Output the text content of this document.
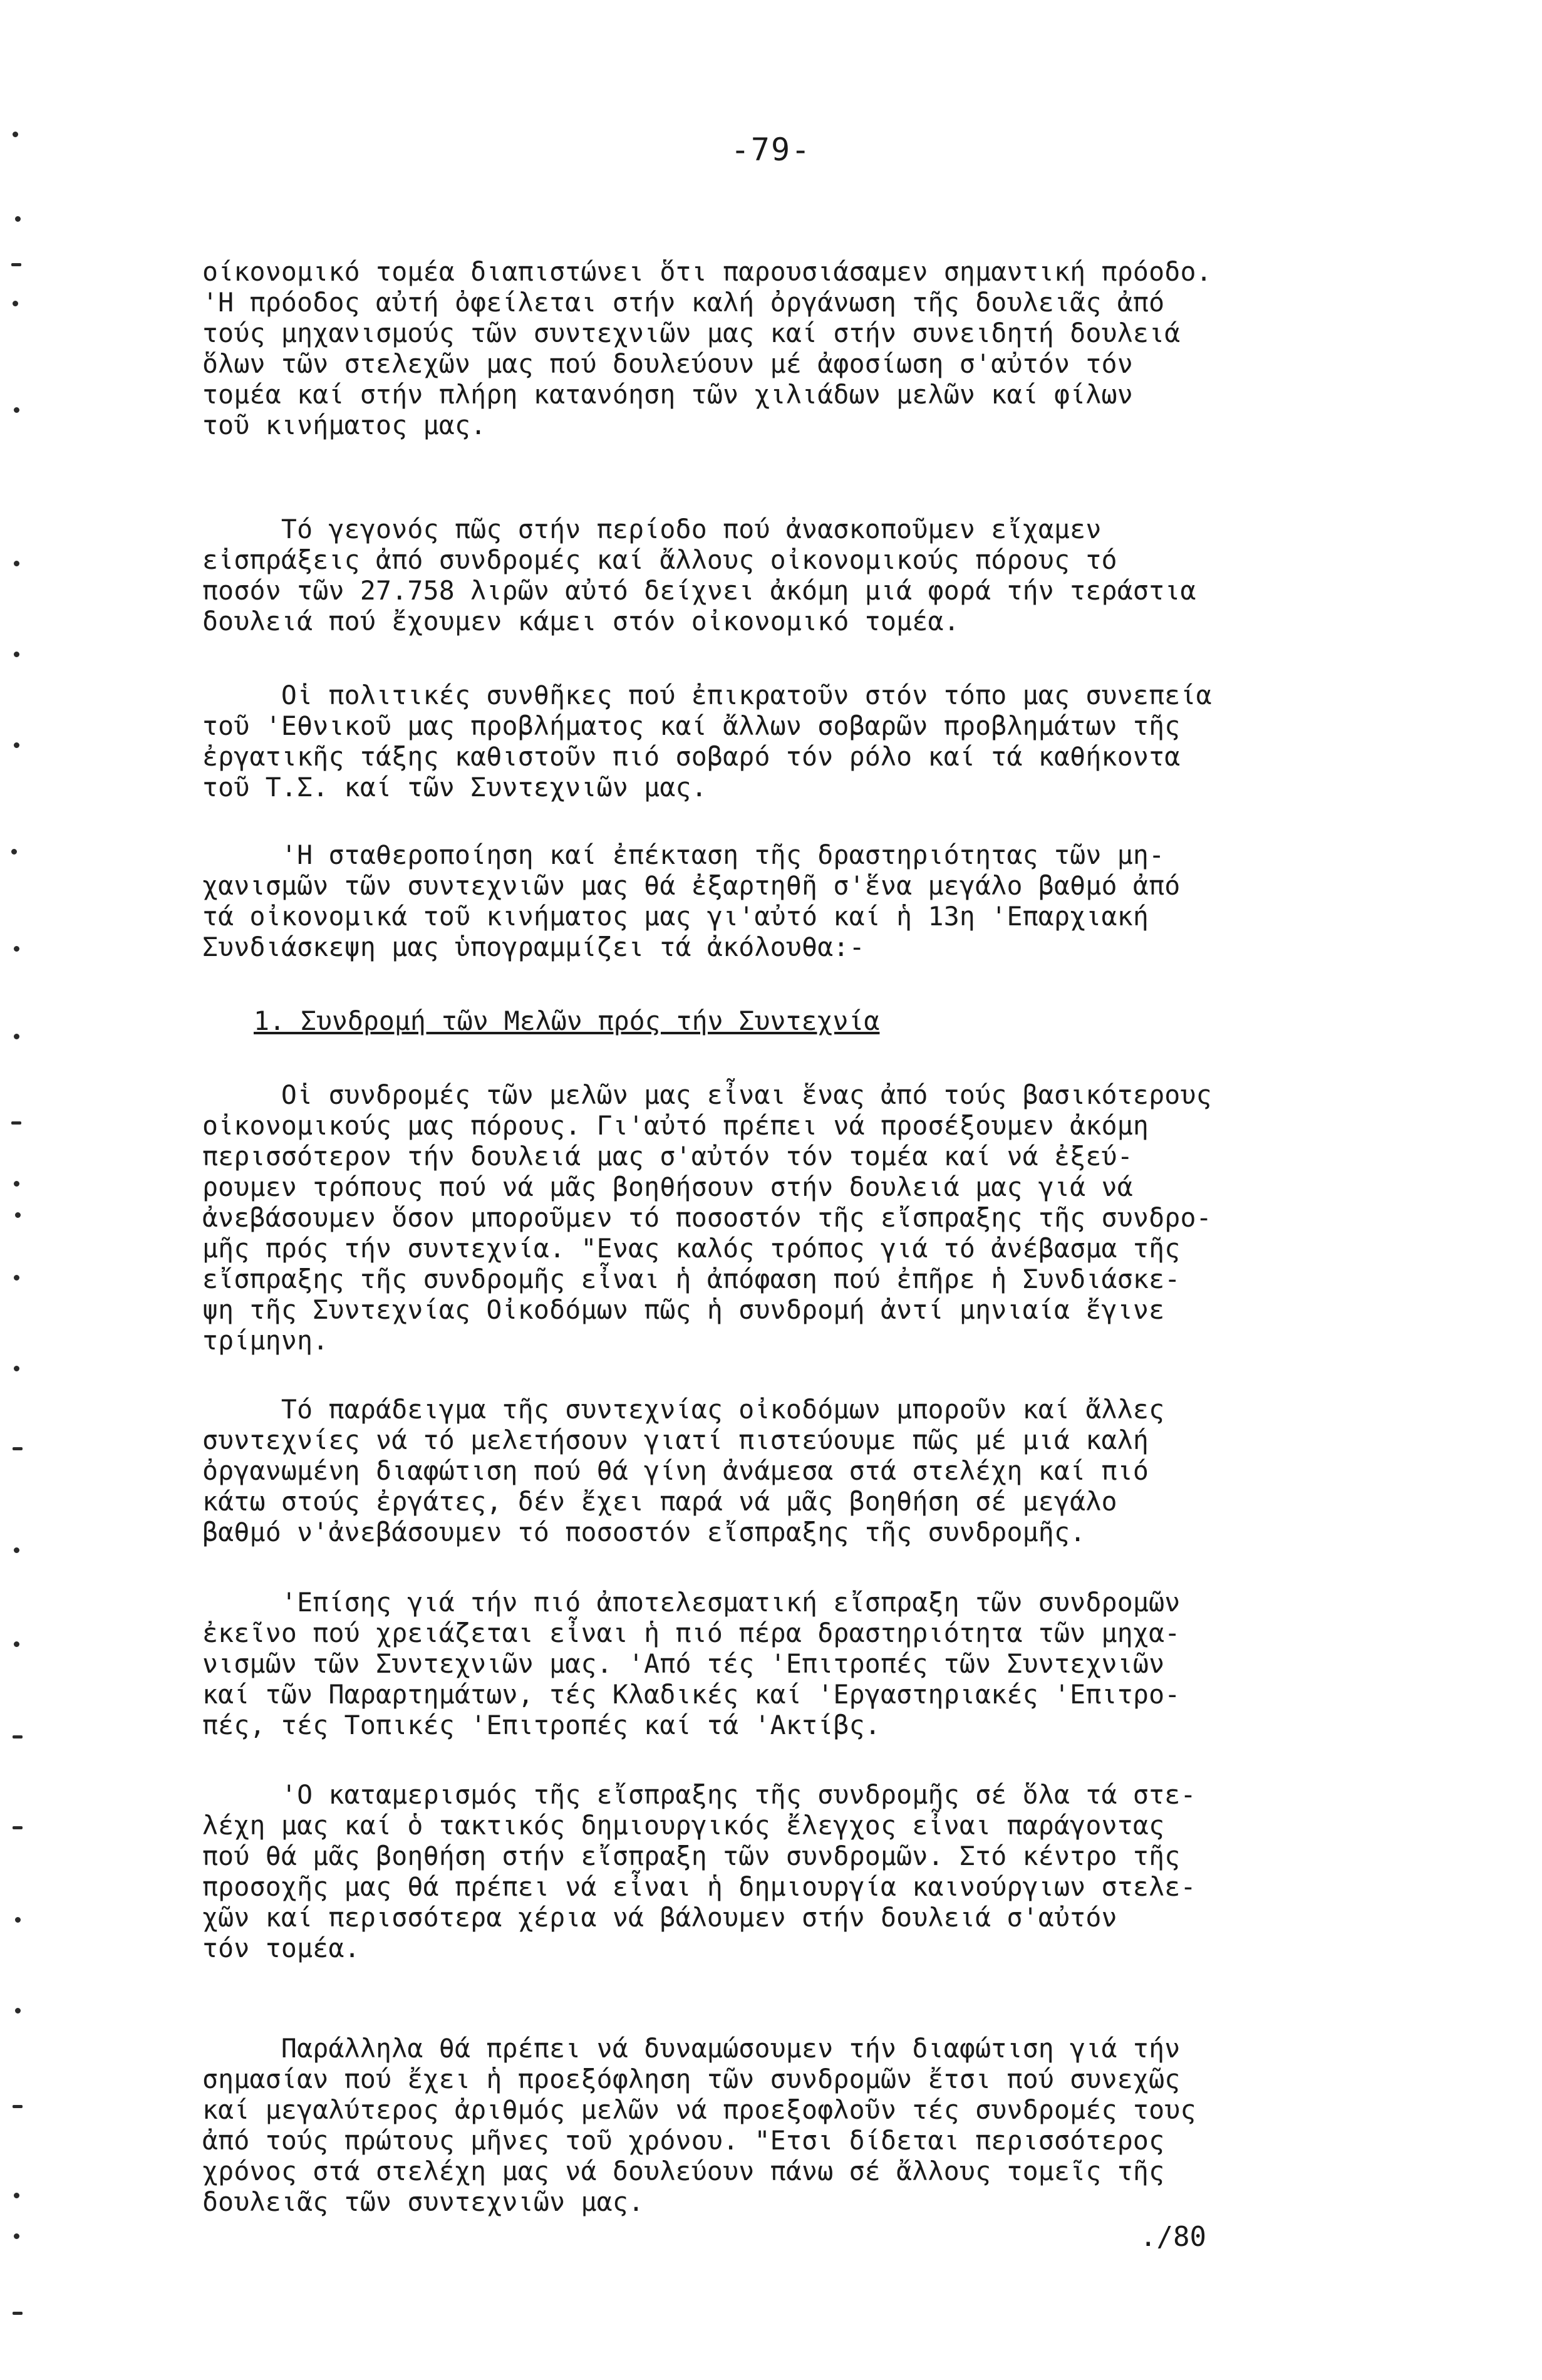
-79-
οίκονομικό τομέα διαπιστώνει ὅτι παρουσιάσαμεν σημαντική πρόοδο.
'Η πρόοδος αὐτή ὀφείλεται στήν καλή ὀργάνωση τῆς δουλειᾶς ἀπό
τούς μηχανισμούς τῶν συντεχνιῶν μας καί στήν συνειδητή δουλειά
ὅλων τῶν στελεχῶν μας πού δουλεύουν μέ ἀφοσίωση σ'αὐτόν τόν
τομέα καί στήν πλήρη κατανόηση τῶν χιλιάδων μελῶν καί φίλων
τοῦ κινήματος μας.
Τό γεγονός πῶς στήν περίοδο πού ἀνασκοποῦμεν εἴχαμεν
εἰσπράξεις ἀπό συνδρομές καί ἄλλους οἰκονομικούς πόρους τό
ποσόν τῶν 27.758 λιρῶν αὐτό δείχνει ἀκόμη μιά φορά τήν τεράστια
δουλειά πού ἔχουμεν κάμει στόν οἰκονομικό τομέα.
Οἱ πολιτικές συνθῆκες πού ἐπικρατοῦν στόν τόπο μας συνεπεία
τοῦ 'Εθνικοῦ μας προβλήματος καί ἄλλων σοβαρῶν προβλημάτων τῆς
ἐργατικῆς τάξης καθιστοῦν πιό σοβαρό τόν ρόλο καί τά καθήκοντα
τοῦ Τ.Σ. καί τῶν Συντεχνιῶν μας.
'Η σταθεροποίηση καί ἐπέκταση τῆς δραστηριότητας τῶν μη-
χανισμῶν τῶν συντεχνιῶν μας θά ἐξαρτηθῆ σ'ἕνα μεγάλο βαθμό ἀπό
τά οἰκονομικά τοῦ κινήματος μας γι'αὐτό καί ἡ 13η 'Επαρχιακή
Συνδιάσκεψη μας ὑπογραμμίζει τά ἀκόλουθα:-
1. Συνδρομή τῶν Μελῶν πρός τήν Συντεχνία
Οἱ συνδρομές τῶν μελῶν μας εἶναι ἕνας ἀπό τούς βασικότερους
οἰκονομικούς μας πόρους. Γι'αὐτό πρέπει νά προσέξουμεν ἀκόμη
περισσότερον τήν δουλειά μας σ'αὐτόν τόν τομέα καί νά ἐξεύ-
ρουμεν τρόπους πού νά μᾶς βοηθήσουν στήν δουλειά μας γιά νά
ἀνεβάσουμεν ὅσον μποροῦμεν τό ποσοστόν τῆς εἴσπραξης τῆς συνδρο-
μῆς πρός τήν συντεχνία. "Ενας καλός τρόπος γιά τό ἀνέβασμα τῆς
εἴσπραξης τῆς συνδρομῆς εἶναι ἡ ἀπόφαση πού ἐπῆρε ἡ Συνδιάσκε-
ψη τῆς Συντεχνίας Οἰκοδόμων πῶς ἡ συνδρομή ἀντί μηνιαία ἔγινε
τρίμηνη.
Τό παράδειγμα τῆς συντεχνίας οἰκοδόμων μποροῦν καί ἄλλες
συντεχνίες νά τό μελετήσουν γιατί πιστεύουμε πῶς μέ μιά καλή
ὀργανωμένη διαφώτιση πού θά γίνη ἀνάμεσα στά στελέχη καί πιό
κάτω στούς ἐργάτες, δέν ἔχει παρά νά μᾶς βοηθήση σέ μεγάλο
βαθμό ν'ἀνεβάσουμεν τό ποσοστόν εἴσπραξης τῆς συνδρομῆς.
'Επίσης γιά τήν πιό ἀποτελεσματική εἴσπραξη τῶν συνδρομῶν
ἐκεῖνο πού χρειάζεται εἶναι ἡ πιό πέρα δραστηριότητα τῶν μηχα-
νισμῶν τῶν Συντεχνιῶν μας. 'Από τές 'Επιτροπές τῶν Συντεχνιῶν
καί τῶν Παραρτημάτων, τές Κλαδικές καί 'Εργαστηριακές 'Επιτρο-
πές, τές Τοπικές 'Επιτροπές καί τά 'Ακτίβς.
'Ο καταμερισμός τῆς εἴσπραξης τῆς συνδρομῆς σέ ὅλα τά στε-
λέχη μας καί ὁ τακτικός δημιουργικός ἔλεγχος εἶναι παράγοντας
πού θά μᾶς βοηθήση στήν εἴσπραξη τῶν συνδρομῶν. Στό κέντρο τῆς
προσοχῆς μας θά πρέπει νά εἶναι ἡ δημιουργία καινούργιων στελε-
χῶν καί περισσότερα χέρια νά βάλουμεν στήν δουλειά σ'αὐτόν
τόν τομέα.
Παράλληλα θά πρέπει νά δυναμώσουμεν τήν διαφώτιση γιά τήν
σημασίαν πού ἔχει ἡ προεξόφληση τῶν συνδρομῶν ἔτσι πού συνεχῶς
καί μεγαλύτερος ἀριθμός μελῶν νά προεξοφλοῦν τές συνδρομές τους
ἀπό τούς πρώτους μῆνες τοῦ χρόνου. "Ετσι δίδεται περισσότερος
χρόνος στά στελέχη μας νά δουλεύουν πάνω σέ ἄλλους τομεῖς τῆς
δουλειᾶς τῶν συντεχνιῶν μας.
./80
